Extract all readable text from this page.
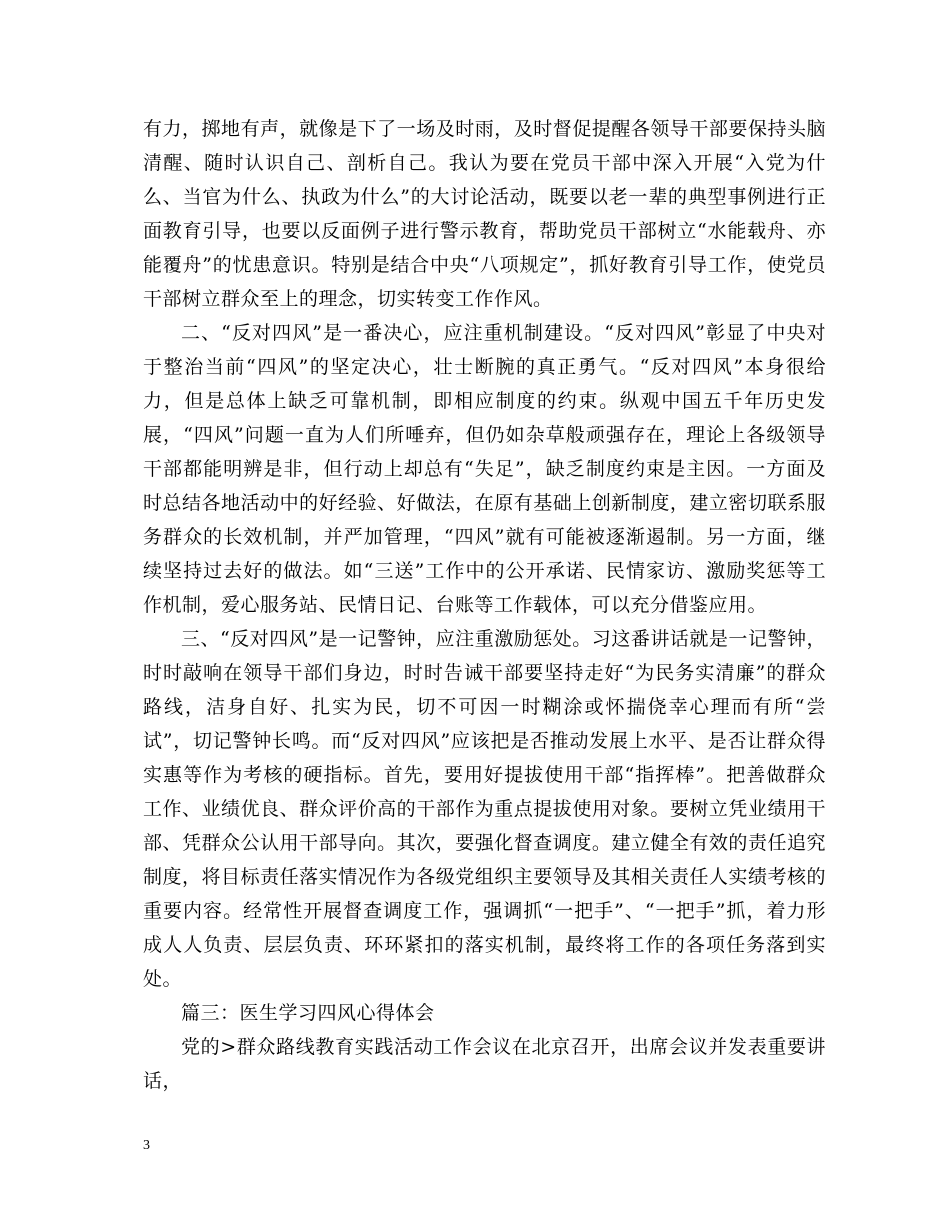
有力，掷地有声，就像是下了一场及时雨，及时督促提醒各领导干部要保持头脑清醒、随时认识自己、剖析自己。我认为要在党员干部中深入开展“入党为什么、当官为什么、执政为什么”的大讨论活动，既要以老一辈的典型事例进行正面教育引导，也要以反面例子进行警示教育，帮助党员干部树立“水能载舟、亦能覆舟”的忧患意识。特别是结合中央“八项规定”，抓好教育引导工作，使党员干部树立群众至上的理念，切实转变工作作风。

二、“反对四风”是一番决心，应注重机制建设。“反对四风”彰显了中央对于整治当前“四风”的坚定决心，壮士断腕的真正勇气。“反对四风”本身很给力，但是总体上缺乏可靠机制，即相应制度的约束。纵观中国五千年历史发展，“四风”问题一直为人们所唾弃，但仍如杂草般顽强存在，理论上各级领导干部都能明辨是非，但行动上却总有“失足”，缺乏制度约束是主因。一方面及时总结各地活动中的好经验、好做法，在原有基础上创新制度，建立密切联系服务群众的长效机制，并严加管理，“四风”就有可能被逐渐遏制。另一方面，继续坚持过去好的做法。如“三送”工作中的公开承诺、民情家访、激励奖惩等工作机制，爱心服务站、民情日记、台账等工作载体，可以充分借鉴应用。

三、“反对四风”是一记警钟，应注重激励惩处。习这番讲话就是一记警钟，时时敲响在领导干部们身边，时时告诫干部要坚持走好“为民务实清廉”的群众路线，洁身自好、扎实为民，切不可因一时糊涂或怀揣侥幸心理而有所“尝试”，切记警钟长鸣。而“反对四风”应该把是否推动发展上水平、是否让群众得实惠等作为考核的硬指标。首先，要用好提拔使用干部“指挥棒”。把善做群众工作、业绩优良、群众评价高的干部作为重点提拔使用对象。要树立凭业绩用干部、凭群众公认用干部导向。其次，要强化督查调度。建立健全有效的责任追究制度，将目标责任落实情况作为各级党组织主要领导及其相关责任人实绩考核的重要内容。经常性开展督查调度工作，强调抓“一把手”、“一把手”抓，着力形成人人负责、层层负责、环环紧扣的落实机制，最终将工作的各项任务落到实处。

篇三：医生学习四风心得体会

党的>群众路线教育实践活动工作会议在北京召开，出席会议并发表重要讲话，

3
